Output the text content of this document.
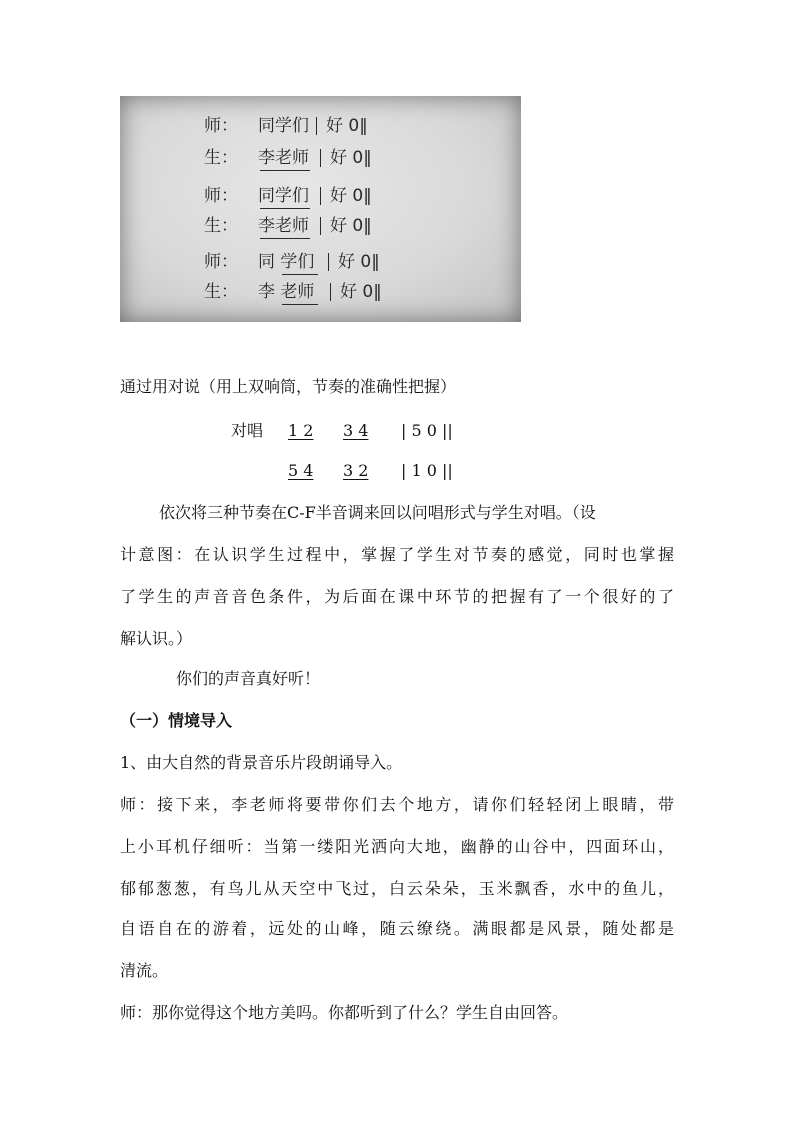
师： 同学们 好 0‖
生： 李老师 好 0‖
师： 同学们 好 0‖
生： 李老师 好 0‖
师： 同 学们 好 0‖
生： 李 老师 好 0‖
通过用对说（用上双响筒，节奏的准确性把握）
对唱 1 2 3 4 | 5 0 ||
5 4 3 2 | 1 0 ||
依次将三种节奏在C-F半音调来回以问唱形式与学生对唱。（设
计意图：在认识学生过程中，掌握了学生对节奏的感觉，同时也掌握
了学生的声音音色条件，为后面在课中环节的把握有了一个很好的了
解认识。）
你们的声音真好听！
（一）情境导入
1、由大自然的背景音乐片段朗诵导入。
师：接下来，李老师将要带你们去个地方，请你们轻轻闭上眼睛，带
上小耳机仔细听：当第一缕阳光洒向大地，幽静的山谷中，四面环山，
郁郁葱葱，有鸟儿从天空中飞过，白云朵朵，玉米飘香，水中的鱼儿，
自语自在的游着，远处的山峰，随云缭绕。满眼都是风景，随处都是
清流。
师：那你觉得这个地方美吗。你都听到了什么？学生自由回答。
